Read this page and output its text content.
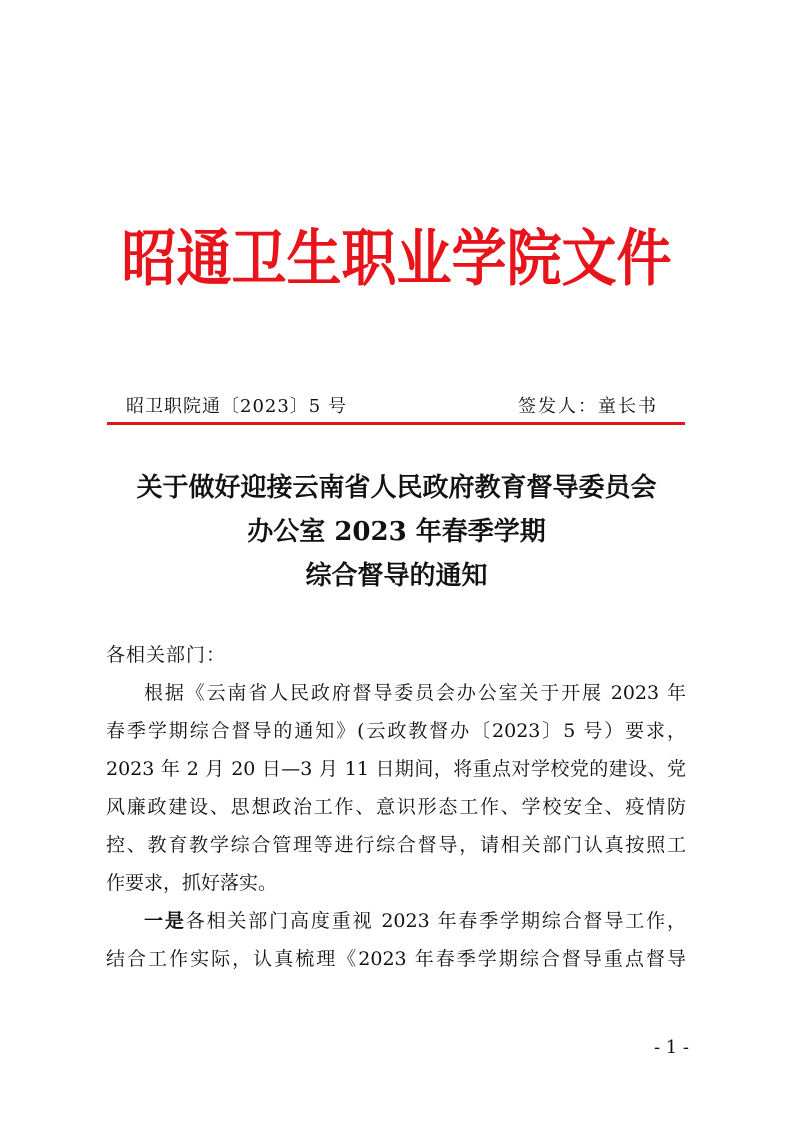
昭通卫生职业学院文件
昭卫职院通〔2023〕5 号	签发人：童长书
关于做好迎接云南省人民政府教育督导委员会
办公室 2023 年春季学期
综合督导的通知
各相关部门：
根据《云南省人民政府督导委员会办公室关于开展 2023 年
春季学期综合督导的通知》(云政教督办〔2023〕5 号）要求，
2023 年 2 月 20 日—3 月 11 日期间，将重点对学校党的建设、党
风廉政建设、思想政治工作、意识形态工作、学校安全、疫情防
控、教育教学综合管理等进行综合督导，请相关部门认真按照工
作要求，抓好落实。
一是各相关部门高度重视 2023 年春季学期综合督导工作，
结合工作实际，认真梳理《2023 年春季学期综合督导重点督导
- 1 -
